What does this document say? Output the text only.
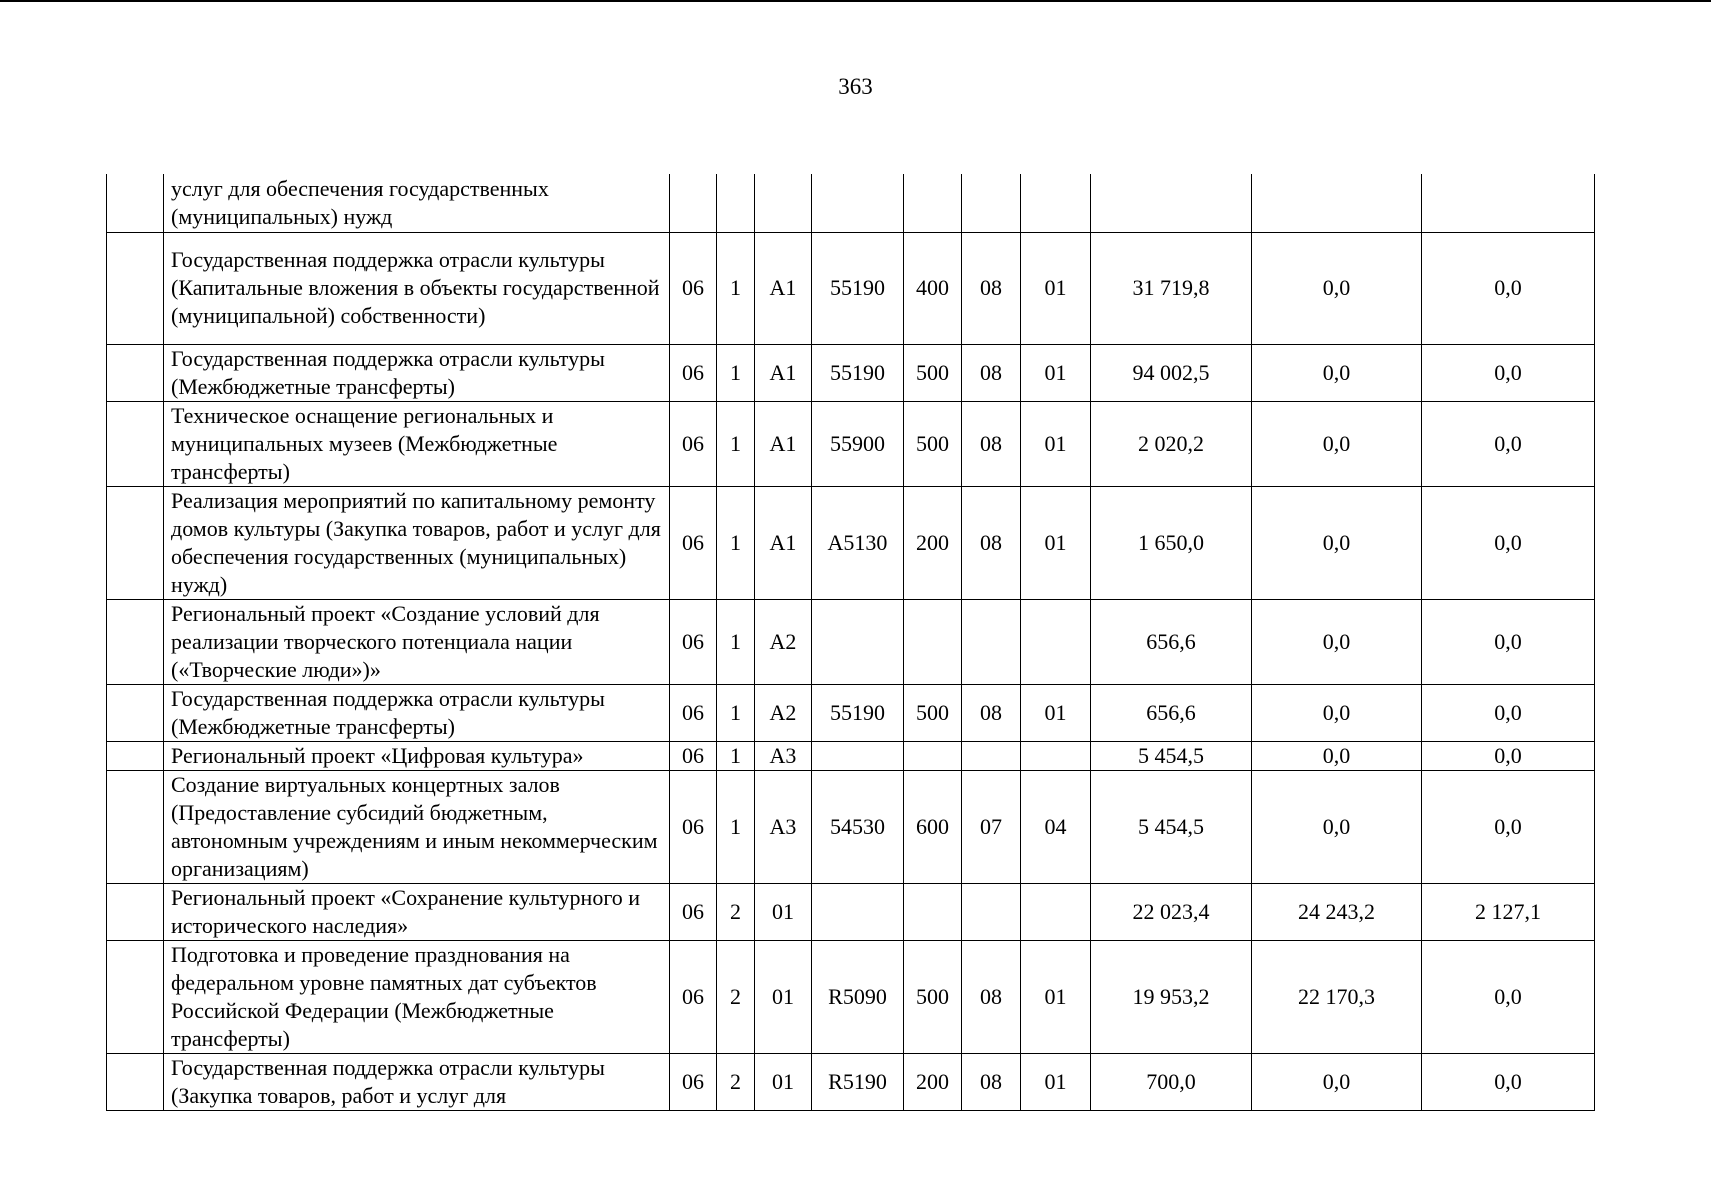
363
	услуг для обеспечения государственных (муниципальных) нужд										
	Государственная поддержка отрасли культуры (Капитальные вложения в объекты государственной (муниципальной) собственности)	06	1	А1	55190	400	08	01	31 719,8	0,0	0,0
	Государственная поддержка отрасли культуры (Межбюджетные трансферты)	06	1	А1	55190	500	08	01	94 002,5	0,0	0,0
	Техническое оснащение региональных и муниципальных музеев (Межбюджетные трансферты)	06	1	А1	55900	500	08	01	2 020,2	0,0	0,0
	Реализация мероприятий по капитальному ремонту домов культуры (Закупка товаров, работ и услуг для обеспечения государственных (муниципальных) нужд)	06	1	А1	А5130	200	08	01	1 650,0	0,0	0,0
	Региональный проект «Создание условий для реализации творческого потенциала нации («Творческие люди»)»	06	1	А2					656,6	0,0	0,0
	Государственная поддержка отрасли культуры (Межбюджетные трансферты)	06	1	А2	55190	500	08	01	656,6	0,0	0,0
	Региональный проект «Цифровая культура»	06	1	А3					5 454,5	0,0	0,0
	Создание виртуальных концертных залов (Предоставление субсидий бюджетным, автономным учреждениям и иным некоммерческим организациям)	06	1	А3	54530	600	07	04	5 454,5	0,0	0,0
	Региональный проект «Сохранение культурного и исторического наследия»	06	2	01					22 023,4	24 243,2	2 127,1
	Подготовка и проведение празднования на федеральном уровне памятных дат субъектов Российской Федерации (Межбюджетные трансферты)	06	2	01	R5090	500	08	01	19 953,2	22 170,3	0,0
	Государственная поддержка отрасли культуры (Закупка товаров, работ и услуг для	06	2	01	R5190	200	08	01	700,0	0,0	0,0
